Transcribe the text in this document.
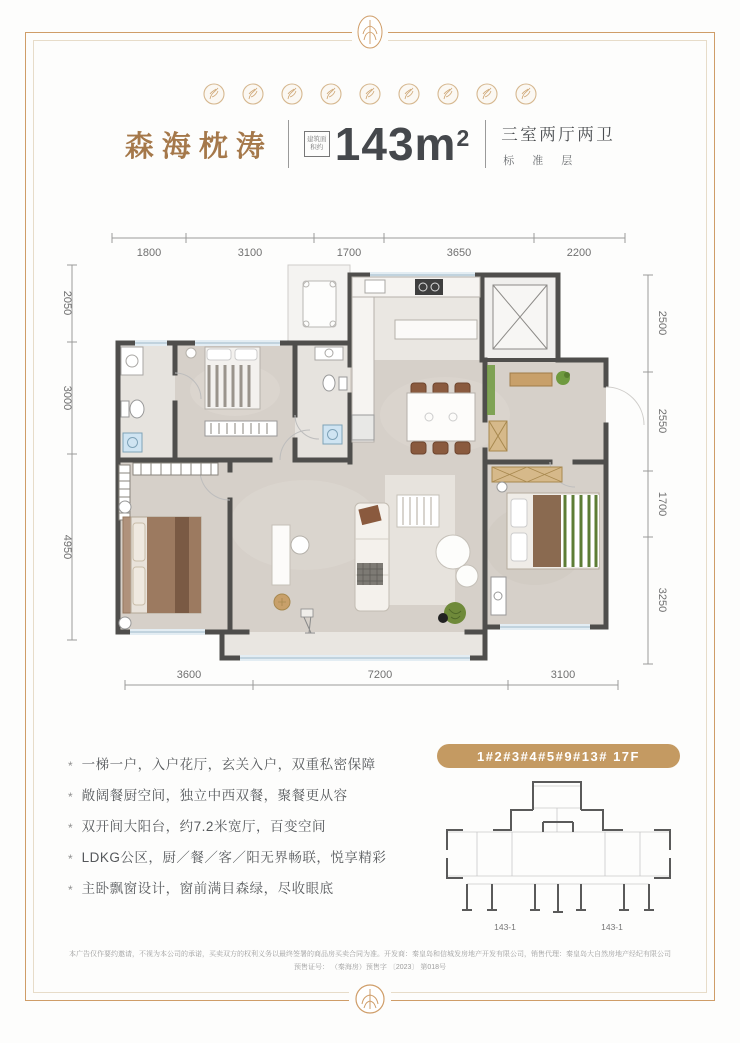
森海枕涛	建筑面积约 $143m^2$ 三室两厅两卫
标准层
1800	3100	1700	3650	2200
2050
3000
4950
2500
2550
1700
3250
3600	7200	3100
* 一梯一户，入户花厅，玄关入户，双重私密保障
* 敞阔餐厨空间，独立中西双餐，聚餐更从容
* 双开间大阳台，约7.2米宽厅，百变空间
* LDKG公区，厨／餐／客／阳无界畅联，悦享精彩
* 主卧飘窗设计，窗前满目森绿，尽收眼底
1#2#3#4#5#9#13# 17F
143-1	143-1
本广告仅作要约邀请，不视为本公司的承诺，买卖双方的权利义务以最终签署的商品房买卖合同为准。开发商：秦皇岛和信城发房地产开发有限公司，销售代理：秦皇岛大自然房地产经纪有限公司
预售证号： （秦海房）预售字 〔2023〕 第018号
